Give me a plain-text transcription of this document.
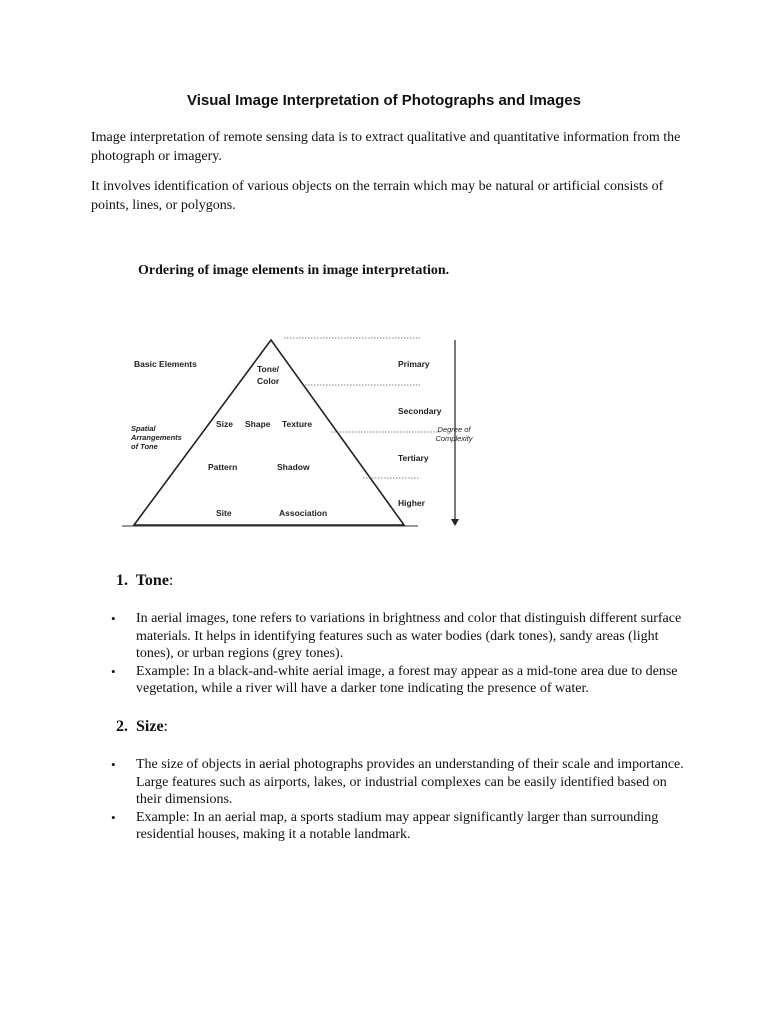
Visual Image Interpretation of Photographs and Images

Image interpretation of remote sensing data is to extract qualitative and quantitative information from the photograph or imagery.

It involves identification of various objects on the terrain which may be natural or artificial consists of points, lines, or polygons.

Ordering of image elements in image interpretation.
Basic Elements
Spatial
Arrangements
of Tone
Tone/
Color
Size Shape Texture
Pattern	Shadow
Site	Association
Primary
Secondary
Tertiary
Higher
Degree of
Complexity
1. Tone:
• In aerial images, tone refers to variations in brightness and color that distinguish different surface materials. It helps in identifying features such as water bodies (dark tones), sandy areas (light tones), or urban regions (grey tones).
• Example: In a black-and-white aerial image, a forest may appear as a mid-tone area due to dense vegetation, while a river will have a darker tone indicating the presence of water.
2. Size:
• The size of objects in aerial photographs provides an understanding of their scale and importance. Large features such as airports, lakes, or industrial complexes can be easily identified based on their dimensions.
• Example: In an aerial map, a sports stadium may appear significantly larger than surrounding residential houses, making it a notable landmark.
